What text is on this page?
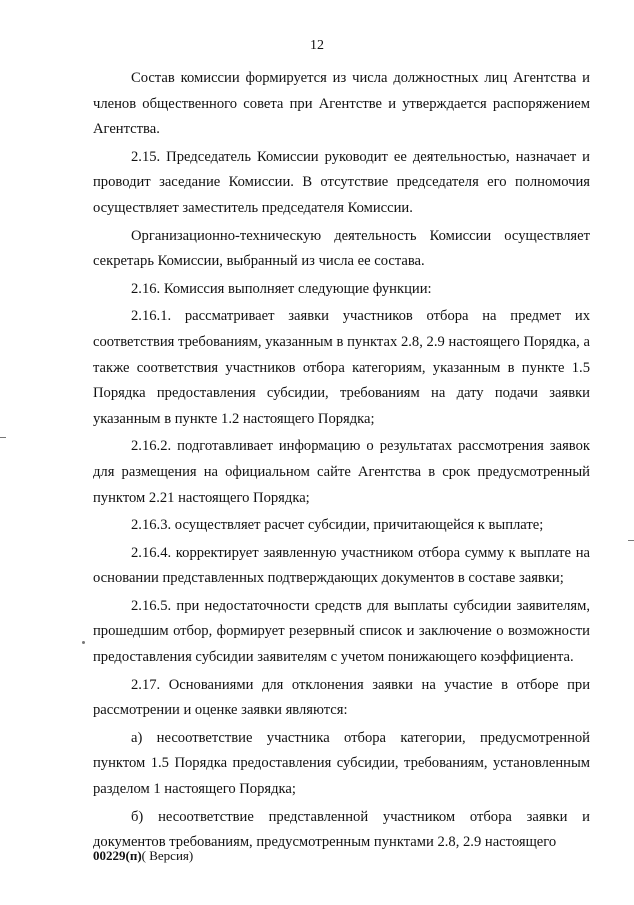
12

Состав комиссии формируется из числа должностных лиц Агентства и членов общественного совета при Агентстве и утверждается распоряжением Агентства.

2.15. Председатель Комиссии руководит ее деятельностью, назначает и проводит заседание Комиссии. В отсутствие председателя его полномочия осуществляет заместитель председателя Комиссии.

Организационно-техническую деятельность Комиссии осуществляет секретарь Комиссии, выбранный из числа ее состава.

2.16. Комиссия выполняет следующие функции:

2.16.1. рассматривает заявки участников отбора на предмет их соответствия требованиям, указанным в пунктах 2.8, 2.9 настоящего Порядка, а также соответствия участников отбора категориям, указанным в пункте 1.5 Порядка предоставления субсидии, требованиям на дату подачи заявки указанным в пункте 1.2 настоящего Порядка;

2.16.2. подготавливает информацию о результатах рассмотрения заявок для размещения на официальном сайте Агентства в срок предусмотренный пунктом 2.21 настоящего Порядка;

2.16.3. осуществляет расчет субсидии, причитающейся к выплате;

2.16.4. корректирует заявленную участником отбора сумму к выплате на основании представленных подтверждающих документов в составе заявки;

2.16.5. при недостаточности средств для выплаты субсидии заявителям, прошедшим отбор, формирует резервный список и заключение о возможности предоставления субсидии заявителям с учетом понижающего коэффициента.

2.17. Основаниями для отклонения заявки на участие в отборе при рассмотрении и оценке заявки являются:

а) несоответствие участника отбора категории, предусмотренной пунктом 1.5 Порядка предоставления субсидии, требованиям, установленным разделом 1 настоящего Порядка;

б) несоответствие представленной участником отбора заявки и документов требованиям, предусмотренным пунктами 2.8, 2.9 настоящего

00229(п)( Версия)
